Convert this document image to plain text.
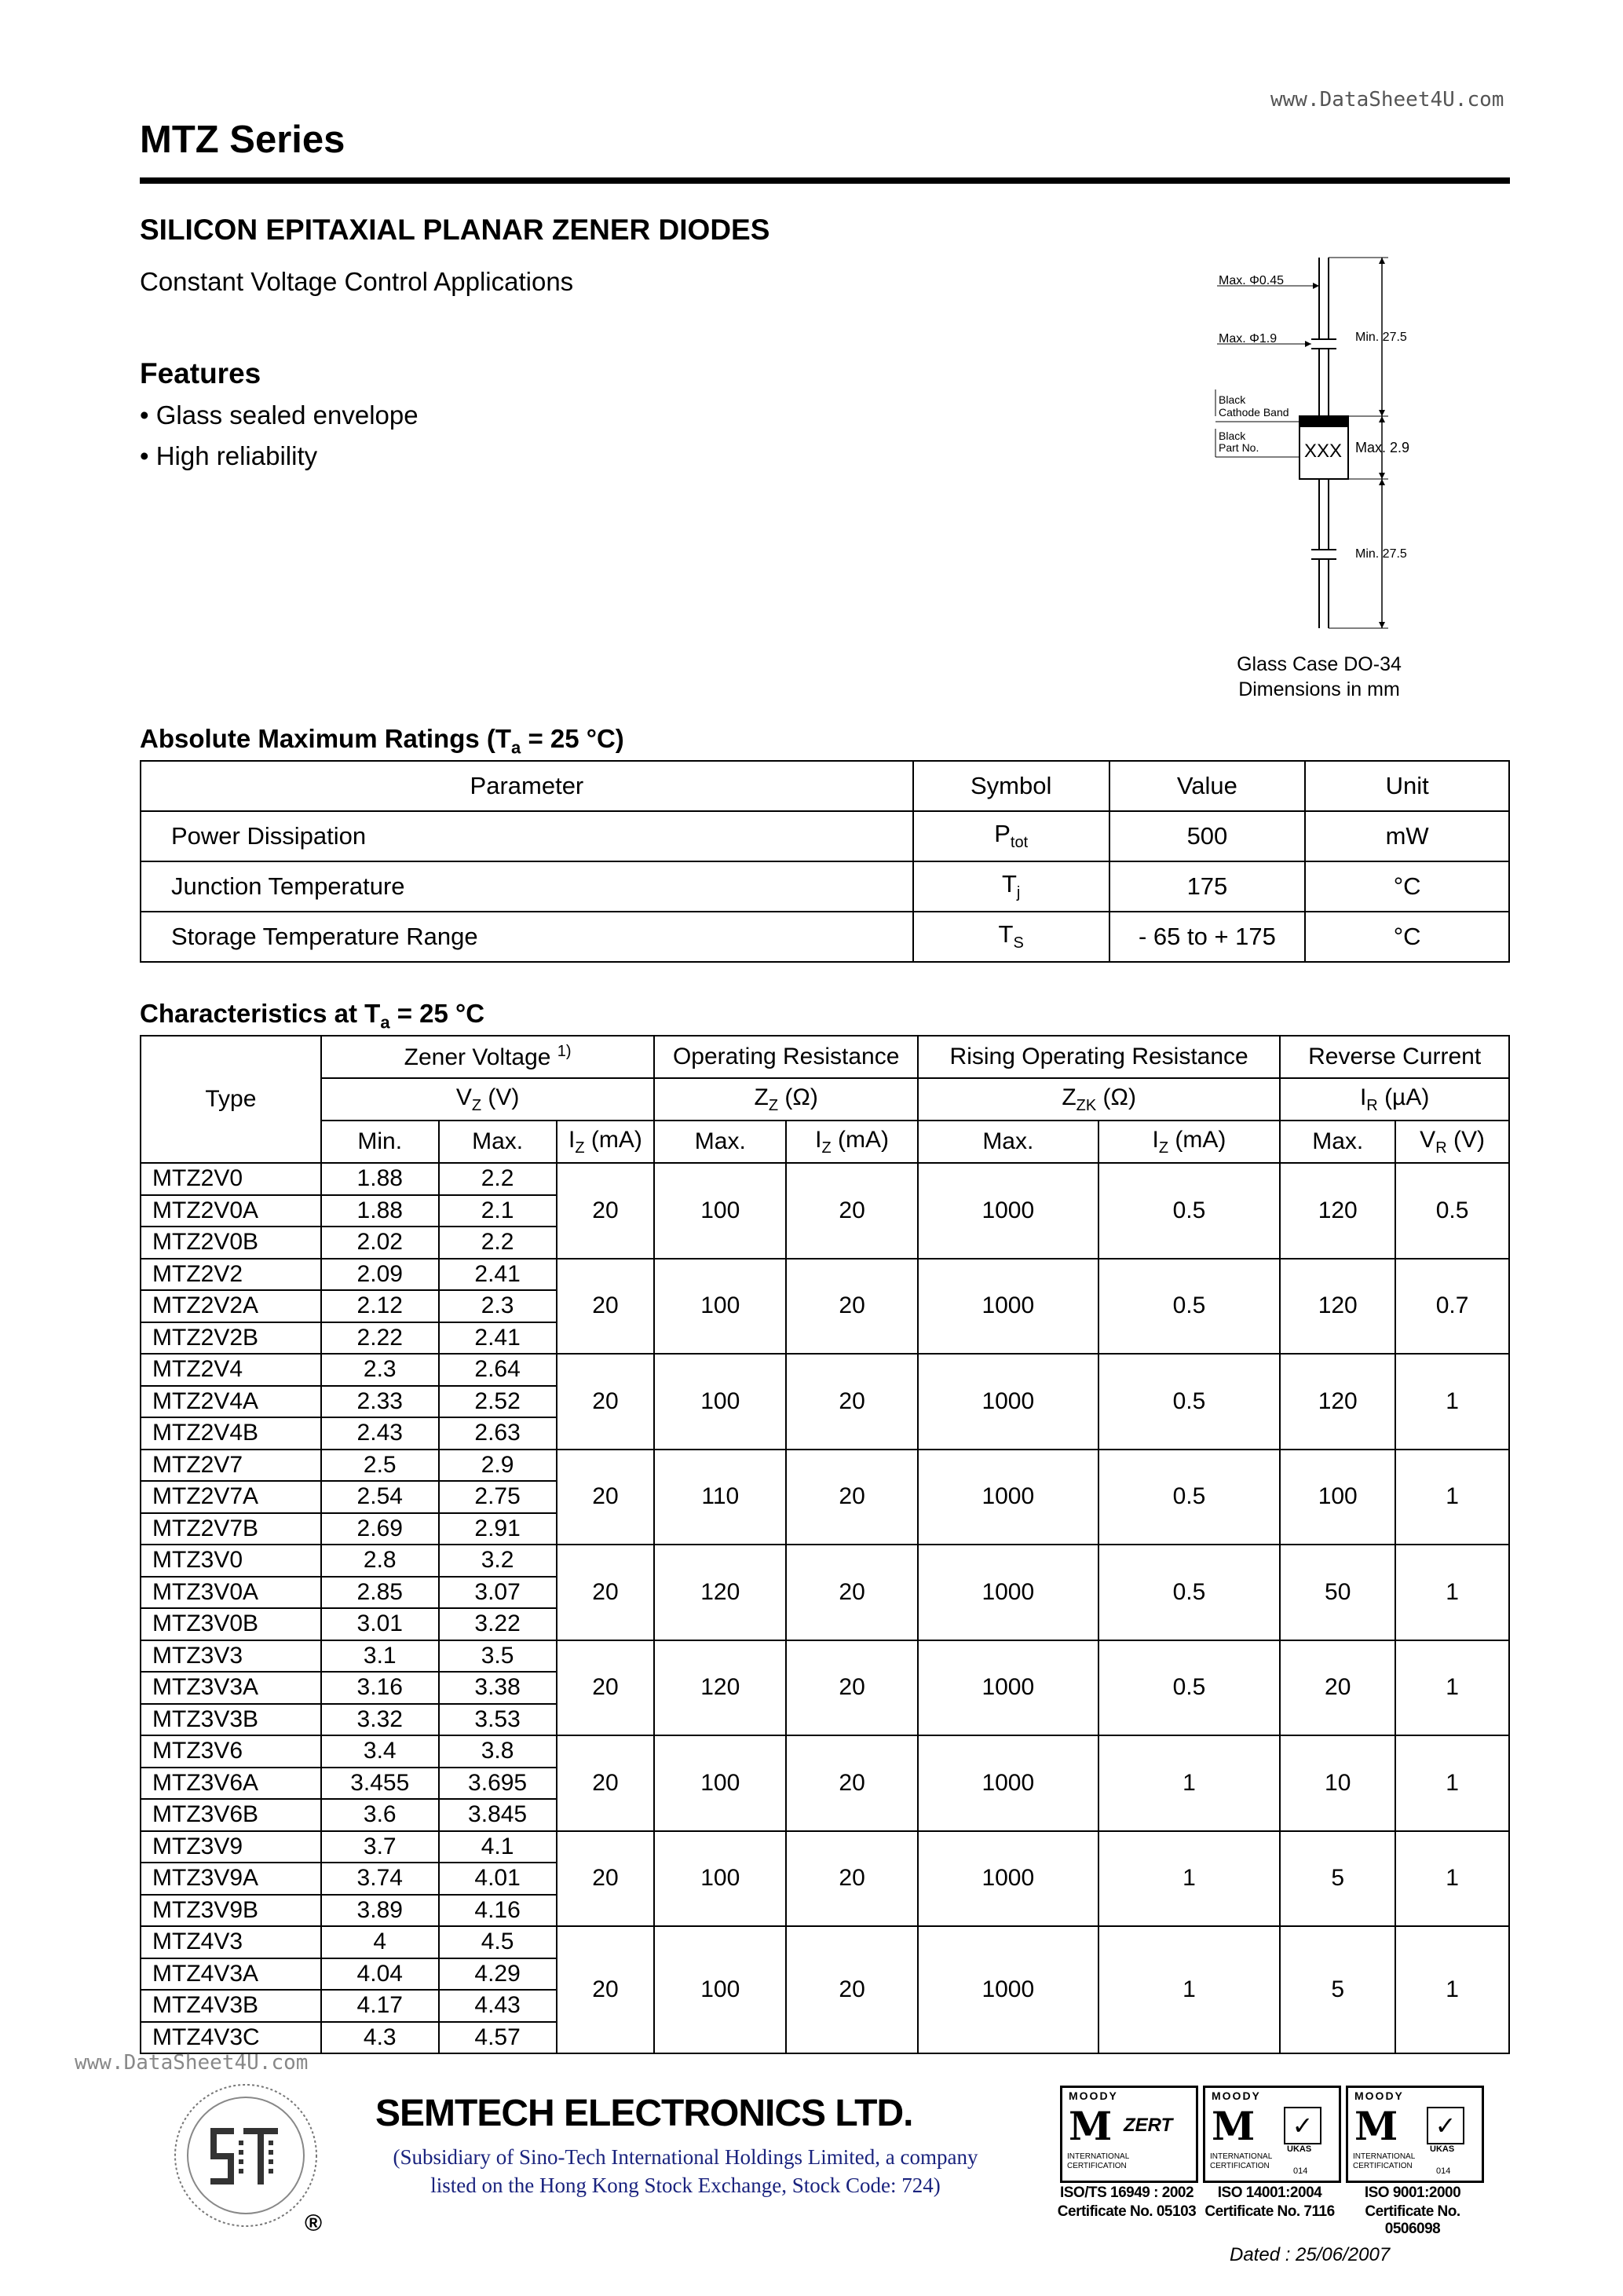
www.DataSheet4U.com
MTZ Series
SILICON EPITAXIAL PLANAR ZENER DIODES
Constant Voltage Control Applications
Features
• Glass sealed envelope
• High reliability
Max. Φ0.45
Max. Φ1.9
Black
Cathode Band
Black
Part No. XXX
Min. 27.5
Max. 2.9
Min. 27.5
Glass Case DO-34
Dimensions in mm
Absolute Maximum Ratings ($T_a = 25$ °C)
Parameter	Symbol	Value	Unit
Power Dissipation	$P_{tot}$	500	mW
Junction Temperature	$T_j$	175	°C
Storage Temperature Range	$T_S$	- 65 to + 175	°C
Characteristics at $T_a = 25$ °C
Type	Zener Voltage $^{1)}$			Operating Resistance		Rising Operating Resistance		Reverse Current	
	$V_Z$ (V)			$Z_Z$ (Ω)		$Z_{ZK}$ (Ω)		$I_R$ (µA)	
	Min.	Max.	$I_Z$ (mA)	Max.	$I_Z$ (mA)	Max.	$I_Z$ (mA)	Max.	$V_R$ (V)
MTZ2V0	1.88	2.2	20	100	20	1000	0.5	120	0.5
MTZ2V0A	1.88	2.1							
MTZ2V0B	2.02	2.2							
MTZ2V2	2.09	2.41	20	100	20	1000	0.5	120	0.7
MTZ2V2A	2.12	2.3							
MTZ2V2B	2.22	2.41							
MTZ2V4	2.3	2.64	20	100	20	1000	0.5	120	1
MTZ2V4A	2.33	2.52							
MTZ2V4B	2.43	2.63							
MTZ2V7	2.5	2.9	20	110	20	1000	0.5	100	1
MTZ2V7A	2.54	2.75							
MTZ2V7B	2.69	2.91							
MTZ3V0	2.8	3.2	20	120	20	1000	0.5	50	1
MTZ3V0A	2.85	3.07							
MTZ3V0B	3.01	3.22							
MTZ3V3	3.1	3.5	20	120	20	1000	0.5	20	1
MTZ3V3A	3.16	3.38							
MTZ3V3B	3.32	3.53							
MTZ3V6	3.4	3.8	20	100	20	1000	1	10	1
MTZ3V6A	3.455	3.695							
MTZ3V6B	3.6	3.845							
MTZ3V9	3.7	4.1	20	100	20	1000	1	5	1
MTZ3V9A	3.74	4.01							
MTZ3V9B	3.89	4.16							
MTZ4V3	4	4.5	20	100	20	1000	1	5	1
MTZ4V3A	4.04	4.29							
MTZ4V3B	4.17	4.43							
MTZ4V3C	4.3	4.57							
www.DataSheet4U.com
®
SEMTECH ELECTRONICS LTD.
(Subsidiary of Sino-Tech International Holdings Limited, a company
listed on the Hong Kong Stock Exchange, Stock Code: 724)
MOODY
M ZERT
INTERNATIONAL
CERTIFICATION
MOODY
M	✓
UKAS
INTERNATIONAL
CERTIFICATION
014
MOODY
M	✓
UKAS
INTERNATIONAL
CERTIFICATION
014
ISO/TS 16949 : 2002
Certificate No. 05103
ISO 14001:2004
Certificate No. 7116
ISO 9001:2000
Certificate No. 0506098
Dated : 25/06/2007
